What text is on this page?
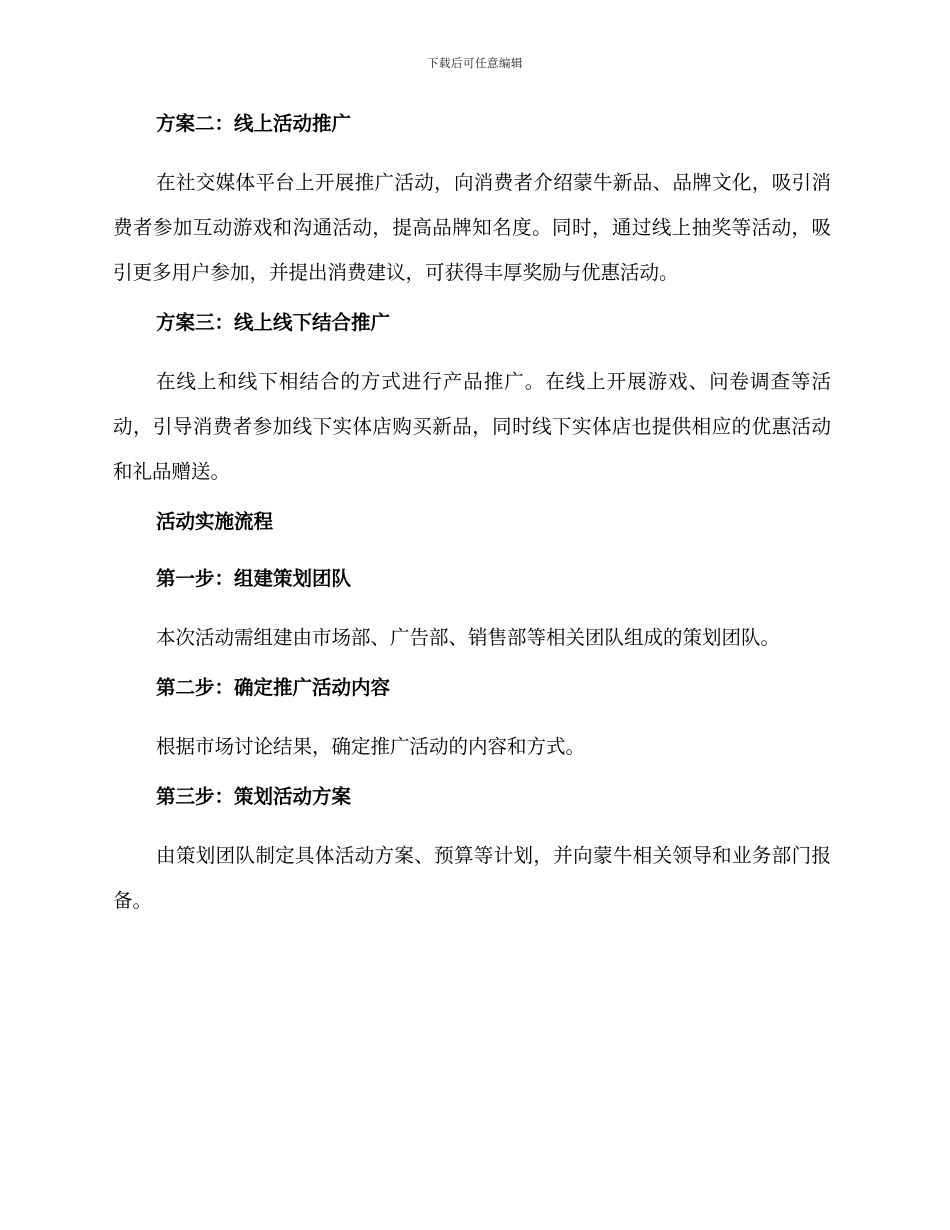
下载后可任意编辑
方案二：线上活动推广
在社交媒体平台上开展推广活动，向消费者介绍蒙牛新品、品牌文化，吸引消费者参加互动游戏和沟通活动，提高品牌知名度。同时，通过线上抽奖等活动，吸引更多用户参加，并提出消费建议，可获得丰厚奖励与优惠活动。
方案三：线上线下结合推广
在线上和线下相结合的方式进行产品推广。在线上开展游戏、问卷调查等活动，引导消费者参加线下实体店购买新品，同时线下实体店也提供相应的优惠活动和礼品赠送。
活动实施流程
第一步：组建策划团队
本次活动需组建由市场部、广告部、销售部等相关团队组成的策划团队。
第二步：确定推广活动内容
根据市场讨论结果，确定推广活动的内容和方式。
第三步：策划活动方案
由策划团队制定具体活动方案、预算等计划，并向蒙牛相关领导和业务部门报备。
